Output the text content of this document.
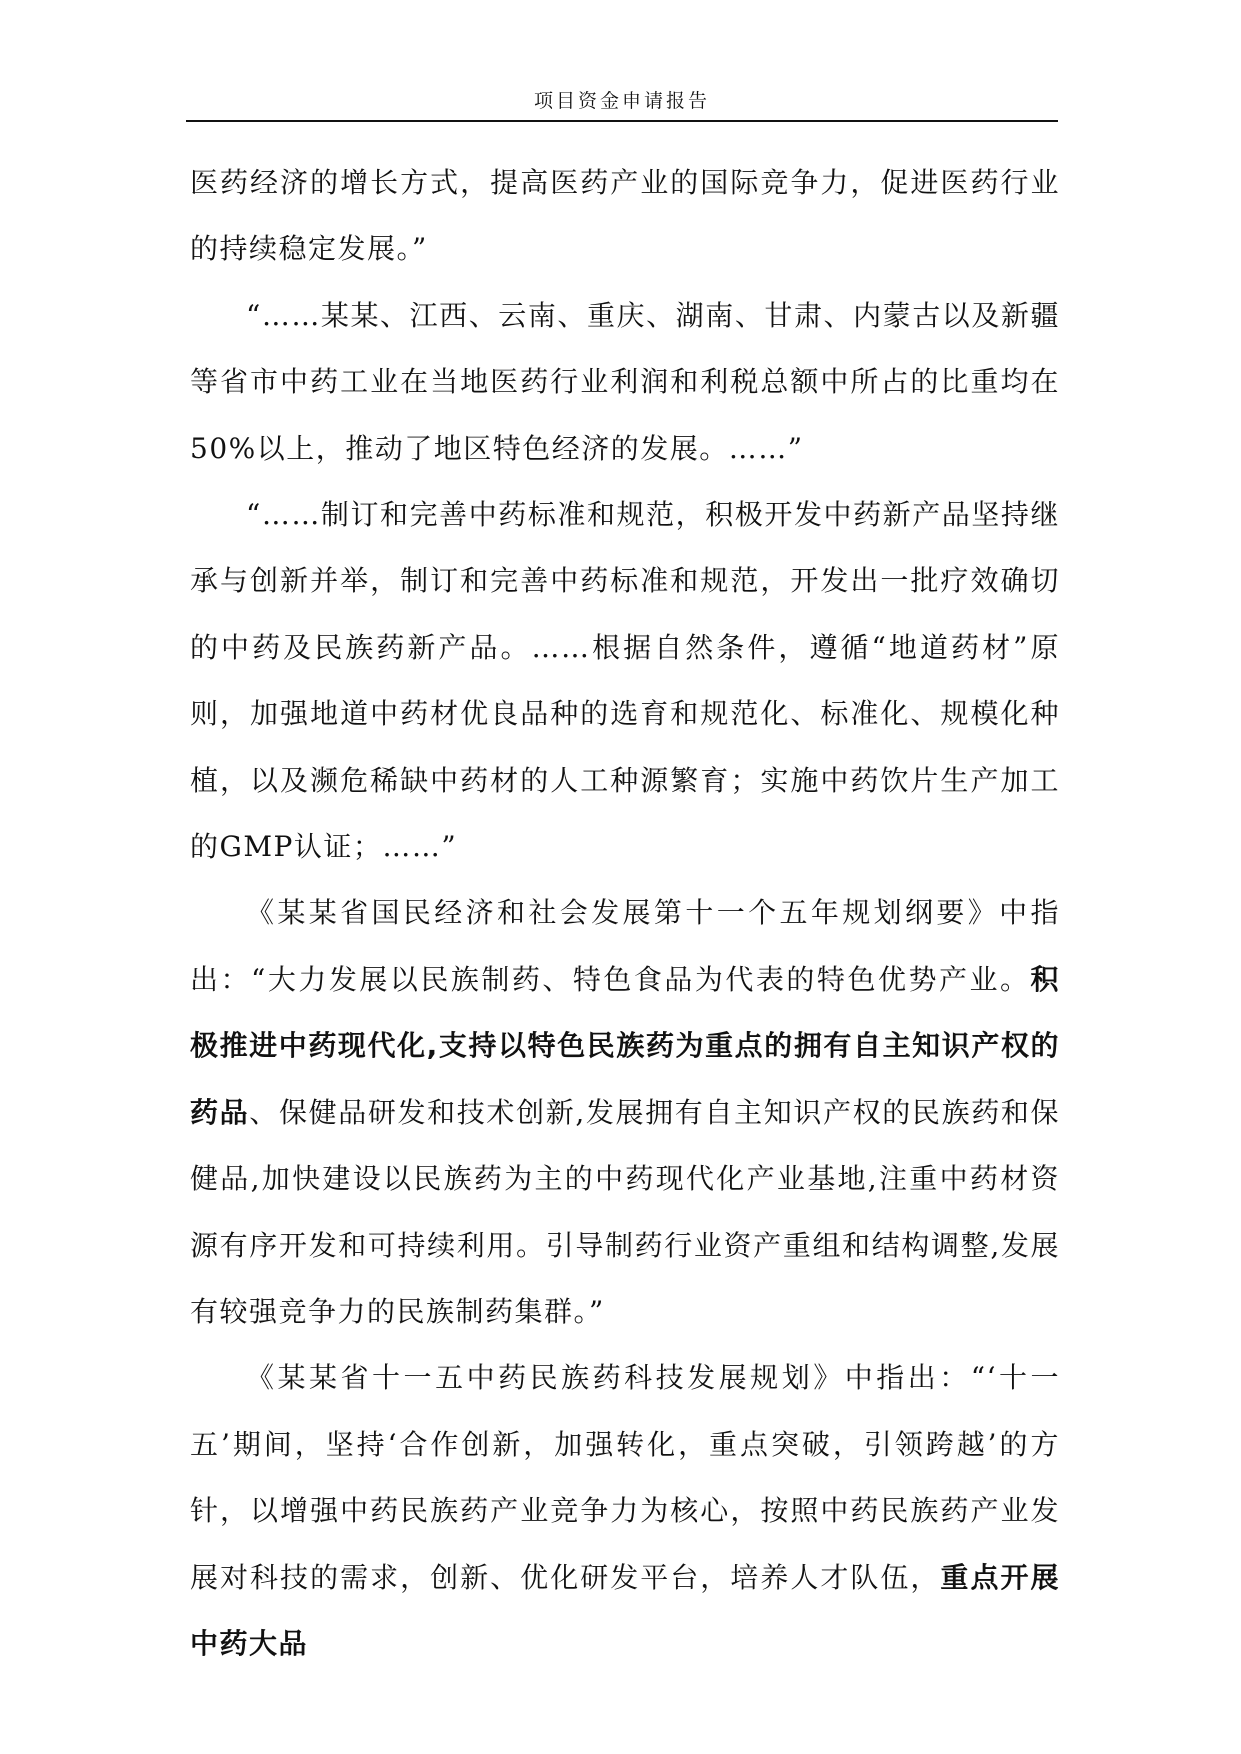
项目资金申请报告

医药经济的增长方式，提高医药产业的国际竞争力，促进医药行业的持续稳定发展。”

“……某某、江西、云南、重庆、湖南、甘肃、内蒙古以及新疆等省市中药工业在当地医药行业利润和利税总额中所占的比重均在50%以上，推动了地区特色经济的发展。……”

“……制订和完善中药标准和规范，积极开发中药新产品坚持继承与创新并举，制订和完善中药标准和规范，开发出一批疗效确切的中药及民族药新产品。……根据自然条件，遵循“地道药材”原则，加强地道中药材优良品种的选育和规范化、标准化、规模化种植，以及濒危稀缺中药材的人工种源繁育；实施中药饮片生产加工的GMP认证；……”

《某某省国民经济和社会发展第十一个五年规划纲要》中指出：“大力发展以民族制药、特色食品为代表的特色优势产业。积极推进中药现代化,支持以特色民族药为重点的拥有自主知识产权的药品、保健品研发和技术创新,发展拥有自主知识产权的民族药和保健品,加快建设以民族药为主的中药现代化产业基地,注重中药材资源有序开发和可持续利用。引导制药行业资产重组和结构调整,发展有较强竞争力的民族制药集群。”

《某某省十一五中药民族药科技发展规划》中指出：“‘十一五’期间，坚持‘合作创新，加强转化，重点突破，引领跨越’的方针，以增强中药民族药产业竞争力为核心，按照中药民族药产业发展对科技的需求，创新、优化研发平台，培养人才队伍，重点开展中药大品
